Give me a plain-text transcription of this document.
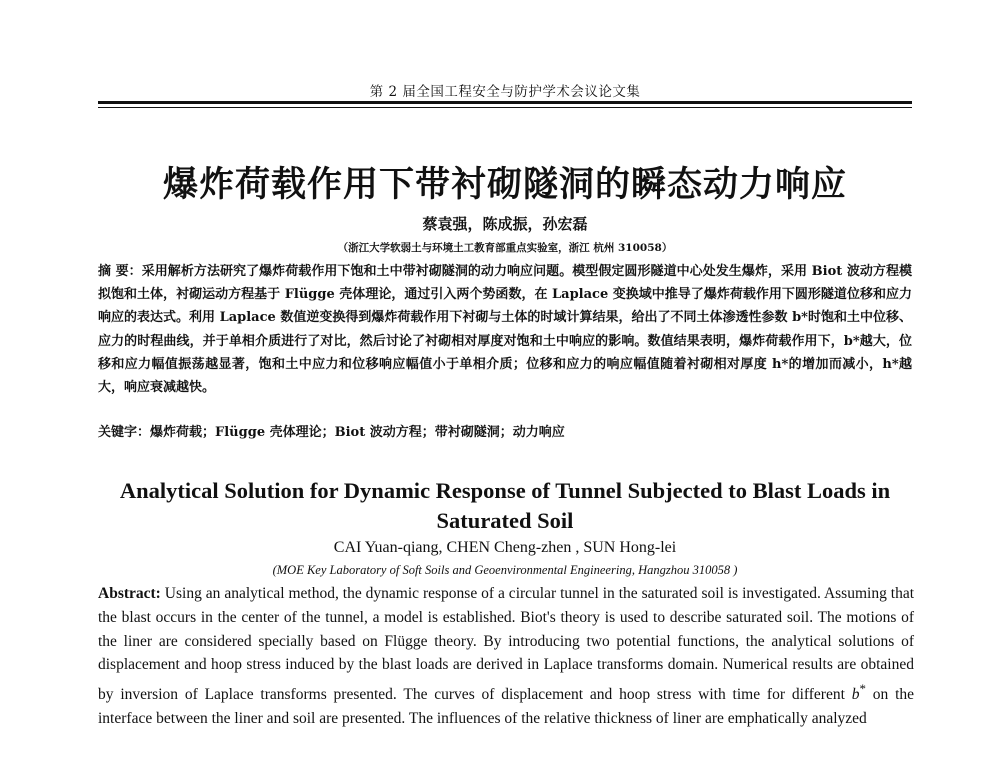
第 2 届全国工程安全与防护学术会议论文集
爆炸荷载作用下带衬砌隧洞的瞬态动力响应
蔡袁强，陈成振，孙宏磊
（浙江大学软弱土与环境土工教育部重点实验室，浙江 杭州 310058）
摘 要：采用解析方法研究了爆炸荷载作用下饱和土中带衬砌隧洞的动力响应问题。模型假定圆形隧道中心处发生爆炸，采用 Biot 波动方程模拟饱和土体，衬砌运动方程基于 Flügge 壳体理论，通过引入两个势函数，在 Laplace 变换域中推导了爆炸荷载作用下圆形隧道位移和应力响应的表达式。利用 Laplace 数值逆变换得到爆炸荷载作用下衬砌与土体的时域计算结果，给出了不同土体渗透性参数 b*时饱和土中位移、应力的时程曲线，并于单相介质进行了对比，然后讨论了衬砌相对厚度对饱和土中响应的影响。数值结果表明，爆炸荷载作用下，b*越大，位移和应力幅值振荡越显著，饱和土中应力和位移响应幅值小于单相介质；位移和应力的响应幅值随着衬砌相对厚度 h*的增加而减小，h*越大，响应衰减越快。
关键字：爆炸荷载；Flügge 壳体理论；Biot 波动方程；带衬砌隧洞；动力响应
Analytical Solution for Dynamic Response of Tunnel Subjected to Blast Loads in Saturated Soil
CAI Yuan-qiang, CHEN Cheng-zhen , SUN Hong-lei
(MOE Key Laboratory of Soft Soils and Geoenvironmental Engineering, Hangzhou 310058 )
Abstract: Using an analytical method, the dynamic response of a circular tunnel in the saturated soil is investigated. Assuming that the blast occurs in the center of the tunnel, a model is established. Biot's theory is used to describe saturated soil. The motions of the liner are considered specially based on Flügge theory. By introducing two potential functions, the analytical solutions of displacement and hoop stress induced by the blast loads are derived in Laplace transforms domain. Numerical results are obtained by inversion of Laplace transforms presented. The curves of displacement and hoop stress with time for different b* on the interface between the liner and soil are presented. The influences of the relative thickness of liner are emphatically analyzed
